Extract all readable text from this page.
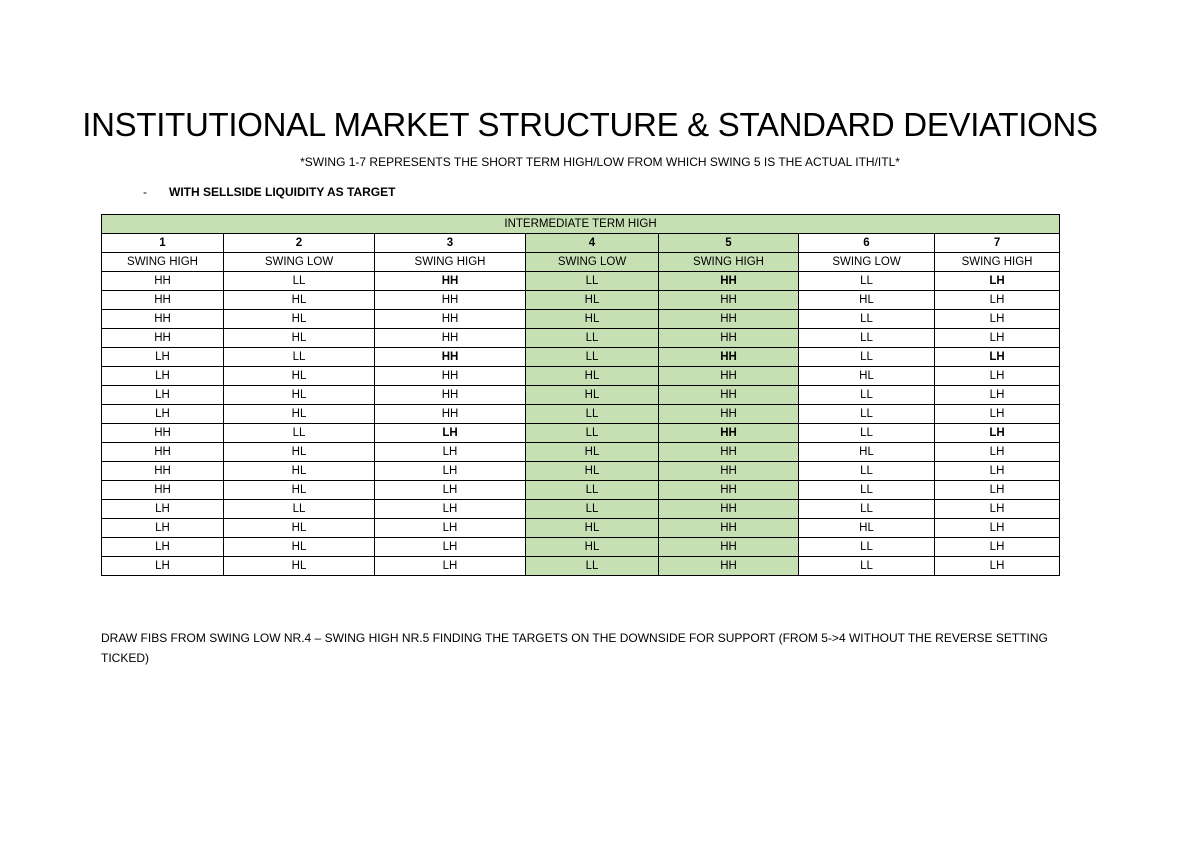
INSTITUTIONAL MARKET STRUCTURE & STANDARD DEVIATIONS
*SWING 1-7 REPRESENTS THE SHORT TERM HIGH/LOW FROM WHICH SWING 5 IS THE ACTUAL ITH/ITL*
- WITH SELLSIDE LIQUIDITY AS TARGET
INTERMEDIATE TERM HIGH						
1	2	3	4	5	6	7
SWING HIGH	SWING LOW	SWING HIGH	SWING LOW	SWING HIGH	SWING LOW	SWING HIGH
HH	LL	HH	LL	HH	LL	LH
HH	HL	HH	HL	HH	HL	LH
HH	HL	HH	HL	HH	LL	LH
HH	HL	HH	LL	HH	LL	LH
LH	LL	HH	LL	HH	LL	LH
LH	HL	HH	HL	HH	HL	LH
LH	HL	HH	HL	HH	LL	LH
LH	HL	HH	LL	HH	LL	LH
HH	LL	LH	LL	HH	LL	LH
HH	HL	LH	HL	HH	HL	LH
HH	HL	LH	HL	HH	LL	LH
HH	HL	LH	LL	HH	LL	LH
LH	LL	LH	LL	HH	LL	LH
LH	HL	LH	HL	HH	HL	LH
LH	HL	LH	HL	HH	LL	LH
LH	HL	LH	LL	HH	LL	LH
DRAW FIBS FROM SWING LOW NR.4 – SWING HIGH NR.5 FINDING THE TARGETS ON THE DOWNSIDE FOR SUPPORT (FROM 5->4 WITHOUT THE REVERSE SETTING TICKED)
